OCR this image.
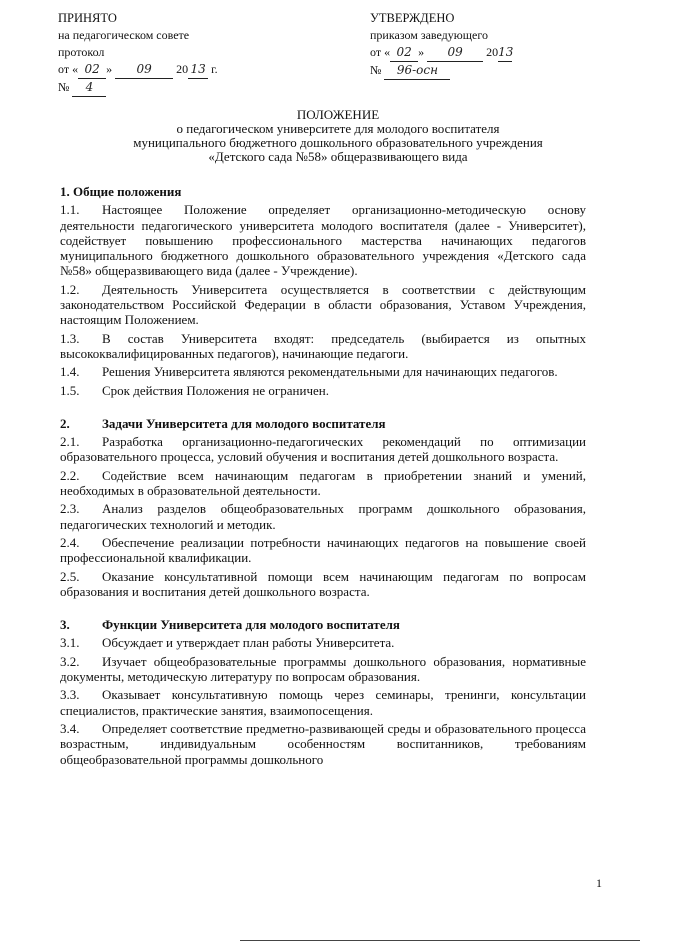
ПРИНЯТО
на педагогическом совете
протокол
от « 02 » 09 20 13 г.
№ 4
УТВЕРЖДЕНО
приказом заведующего
от « 02 » 09 2013
№ 96-осн
ПОЛОЖЕНИЕ
о педагогическом университете для молодого воспитателя
муниципального бюджетного дошкольного образовательного учреждения
«Детского сада №58» общеразвивающего вида
1. Общие положения
1.1. Настоящее Положение определяет организационно-методическую основу деятельности педагогического университета молодого воспитателя (далее - Университет), содействует повышению профессионального мастерства начинающих педагогов муниципального бюджетного дошкольного образовательного учреждения «Детского сада №58» общеразвивающего вида (далее - Учреждение).
1.2. Деятельность Университета осуществляется в соответствии с действующим законодательством Российской Федерации в области образования, Уставом Учреждения, настоящим Положением.
1.3. В состав Университета входят: председатель (выбирается из опытных высококвалифицированных педагогов), начинающие педагоги.
1.4. Решения Университета являются рекомендательными для начинающих педагогов.
1.5. Срок действия Положения не ограничен.
2. Задачи Университета для молодого воспитателя
2.1. Разработка организационно-педагогических рекомендаций по оптимизации образовательного процесса, условий обучения и воспитания детей дошкольного возраста.
2.2. Содействие всем начинающим педагогам в приобретении знаний и умений, необходимых в образовательной деятельности.
2.3. Анализ разделов общеобразовательных программ дошкольного образования, педагогических технологий и методик.
2.4. Обеспечение реализации потребности начинающих педагогов на повышение своей профессиональной квалификации.
2.5. Оказание консультативной помощи всем начинающим педагогам по вопросам образования и воспитания детей дошкольного возраста.
3. Функции Университета для молодого воспитателя
3.1. Обсуждает и утверждает план работы Университета.
3.2. Изучает общеобразовательные программы дошкольного образования, нормативные документы, методическую литературу по вопросам образования.
3.3. Оказывает консультативную помощь через семинары, тренинги, консультации специалистов, практические занятия, взаимопосещения.
3.4. Определяет соответствие предметно-развивающей среды и образовательного процесса возрастным, индивидуальным особенностям воспитанников, требованиям общеобразовательной программы дошкольного
1
